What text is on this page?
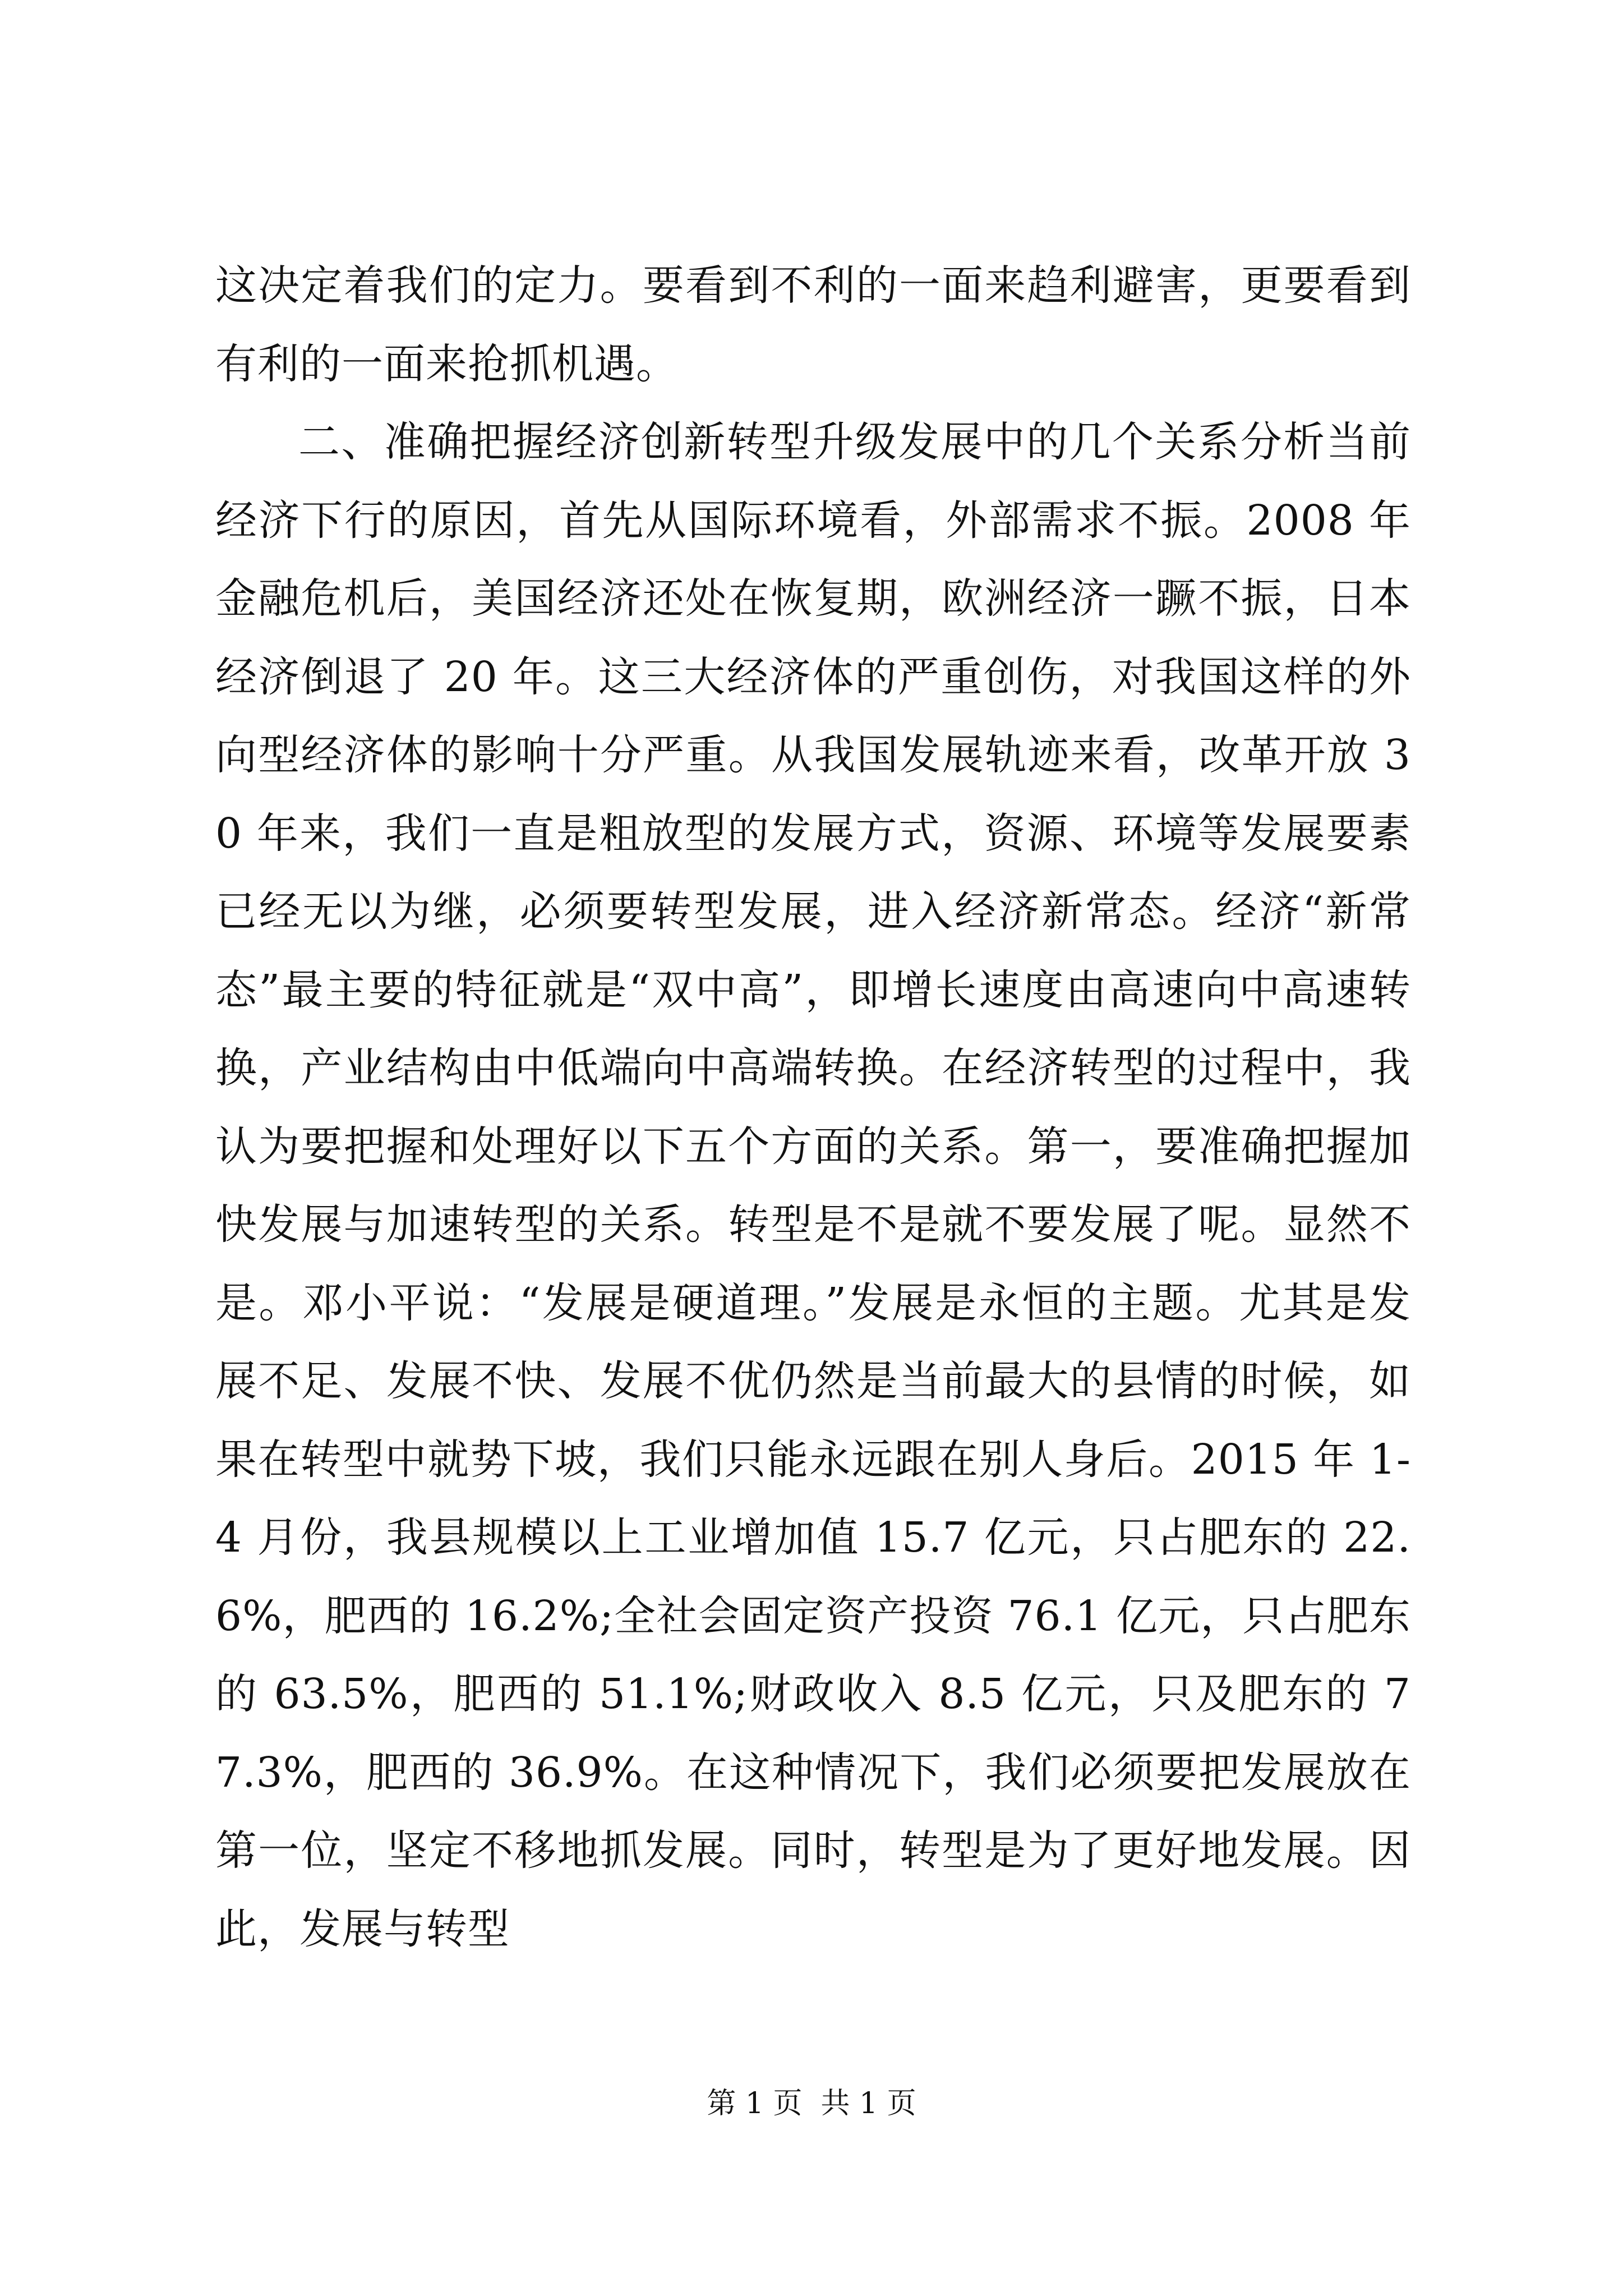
这决定着我们的定力。要看到不利的一面来趋利避害，更要看到有利的一面来抢抓机遇。

二、准确把握经济创新转型升级发展中的几个关系分析当前经济下行的原因，首先从国际环境看，外部需求不振。2008 年金融危机后，美国经济还处在恢复期，欧洲经济一蹶不振，日本经济倒退了 20 年。这三大经济体的严重创伤，对我国这样的外向型经济体的影响十分严重。从我国发展轨迹来看，改革开放 30 年来，我们一直是粗放型的发展方式，资源、环境等发展要素已经无以为继，必须要转型发展，进入经济新常态。经济“新常态”最主要的特征就是“双中高”，即增长速度由高速向中高速转换，产业结构由中低端向中高端转换。在经济转型的过程中，我认为要把握和处理好以下五个方面的关系。第一，要准确把握加快发展与加速转型的关系。转型是不是就不要发展了呢。显然不是。邓小平说：“发展是硬道理。”发展是永恒的主题。尤其是发展不足、发展不快、发展不优仍然是当前最大的县情的时候，如果在转型中就势下坡，我们只能永远跟在别人身后。2015 年 1-4 月份，我县规模以上工业增加值 15.7 亿元，只占肥东的 22.6%，肥西的 16.2%;全社会固定资产投资 76.1 亿元，只占肥东的 63.5%，肥西的 51.1%;财政收入 8.5 亿元，只及肥东的 77.3%，肥西的 36.9%。在这种情况下，我们必须要把发展放在第一位，坚定不移地抓发展。同时，转型是为了更好地发展。因此，发展与转型

第 1 页  共 1 页
